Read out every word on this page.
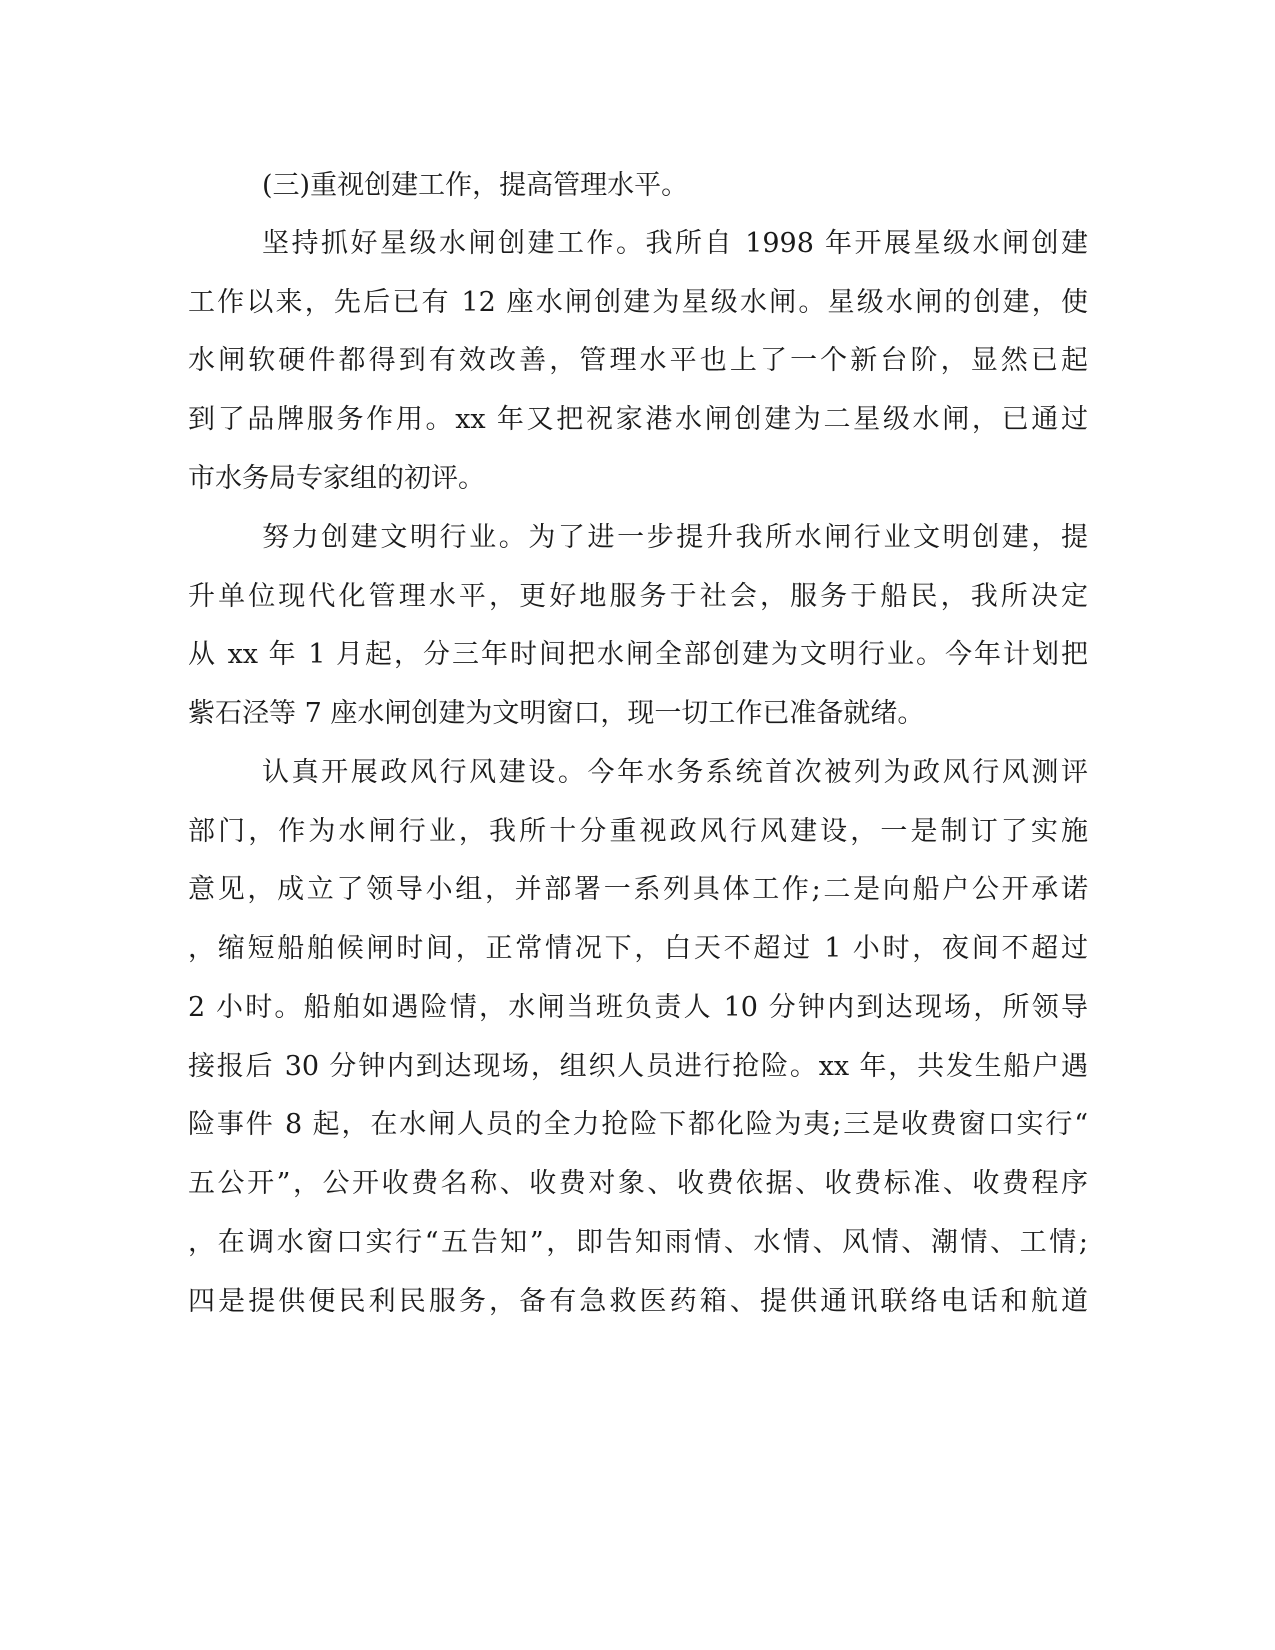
(三)重视创建工作，提高管理水平。
坚持抓好星级水闸创建工作。我所自 1998 年开展星级水闸创建
工作以来，先后已有 12 座水闸创建为星级水闸。星级水闸的创建，使
水闸软硬件都得到有效改善，管理水平也上了一个新台阶，显然已起
到了品牌服务作用。xx 年又把祝家港水闸创建为二星级水闸，已通过
市水务局专家组的初评。
努力创建文明行业。为了进一步提升我所水闸行业文明创建，提
升单位现代化管理水平，更好地服务于社会，服务于船民，我所决定
从 xx 年 1 月起，分三年时间把水闸全部创建为文明行业。今年计划把
紫石泾等 7 座水闸创建为文明窗口，现一切工作已准备就绪。
认真开展政风行风建设。今年水务系统首次被列为政风行风测评
部门，作为水闸行业，我所十分重视政风行风建设，一是制订了实施
意见，成立了领导小组，并部署一系列具体工作;二是向船户公开承诺
，缩短船舶候闸时间，正常情况下，白天不超过 1 小时，夜间不超过
2 小时。船舶如遇险情，水闸当班负责人 10 分钟内到达现场，所领导
接报后 30 分钟内到达现场，组织人员进行抢险。xx 年，共发生船户遇
险事件 8 起，在水闸人员的全力抢险下都化险为夷;三是收费窗口实行“
五公开”，公开收费名称、收费对象、收费依据、收费标准、收费程序
，在调水窗口实行“五告知”，即告知雨情、水情、风情、潮情、工情;
四是提供便民利民服务，备有急救医药箱、提供通讯联络电话和航道
